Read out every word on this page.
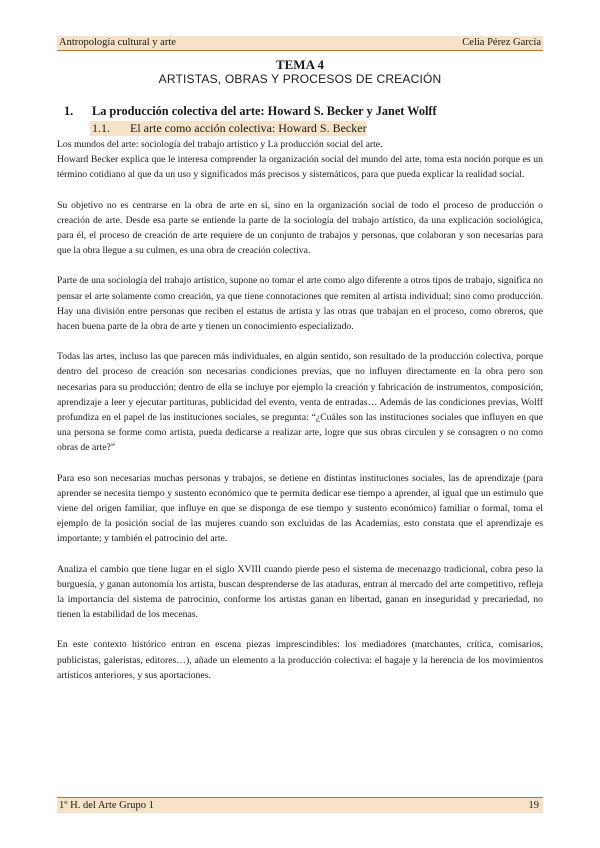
Antropología cultural y arte	Celia Pérez García
TEMA 4
ARTISTAS, OBRAS Y PROCESOS DE CREACIÓN
1. La producción colectiva del arte: Howard S. Becker y Janet Wolff
1.1. El arte como acción colectiva: Howard S. Becker

Los mundos del arte: sociología del trabajo artístico y La producción social del arte.

Howard Becker explica que le interesa comprender la organización social del mundo del arte, toma esta noción porque es un término cotidiano al que da un uso y significados más precisos y sistemáticos, para que pueda explicar la realidad social.

Su objetivo no es centrarse en la obra de arte en sí, sino en la organización social de todo el proceso de producción o creación de arte. Desde esa parte se entiende la parte de la sociología del trabajo artístico, da una explicación sociológica, para él, el proceso de creación de arte requiere de un conjunto de trabajos y personas, que colaboran y son necesarias para que la obra llegue a su culmen, es una obra de creación colectiva.

Parte de una sociología del trabajo artístico, supone no tomar el arte como algo diferente a otros tipos de trabajo, significa no pensar el arte solamente como creación, ya que tiene connotaciones que remiten al artista individual; sino como producción. Hay una división entre personas que reciben el estatus de artista y las otras que trabajan en el proceso, como obreros, que hacen buena parte de la obra de arte y tienen un conocimiento especializado.

Todas las artes, incluso las que parecen más individuales, en algún sentido, son resultado de la producción colectiva, porque dentro del proceso de creación son necesarias condiciones previas, que no influyen directamente en la obra pero son necesarias para su producción; dentro de ella se incluye por ejemplo la creación y fabricación de instrumentos, composición, aprendizaje a leer y ejecutar partituras, publicidad del evento, venta de entradas… Además de las condiciones previas, Wolff profundiza en el papel de las instituciones sociales, se pregunta: “¿Cuáles son las instituciones sociales que influyen en que una persona se forme como artista, pueda dedicarse a realizar arte, logre que sus obras circulen y se consagren o no como obras de arte?”

Para eso son necesarias muchas personas y trabajos, se detiene en distintas instituciones sociales, las de aprendizaje (para aprender se necesita tiempo y sustento económico que te permita dedicar ese tiempo a aprender, al igual que un estímulo que viene del origen familiar, que influye en que se disponga de ese tiempo y sustento económico) familiar o formal, toma el ejemplo de la posición social de las mujeres cuando son excluidas de las Academias, esto constata que el aprendizaje es importante; y también el patrocinio del arte.

Analiza el cambio que tiene lugar en el siglo XVIII cuando pierde peso el sistema de mecenazgo tradicional, cobra peso la burguesía, y ganan autonomía los artista, buscan desprenderse de las ataduras, entran al mercado del arte competitivo, refleja la importancia del sistema de patrocinio, conforme los artistas ganan en libertad, ganan en inseguridad y precariedad, no tienen la estabilidad de los mecenas.

En este contexto histórico entran en escena piezas imprescindibles: los mediadores (marchantes, crítica, comisarios, publicistas, galeristas, editores…), añade un elemento a la producción colectiva: el bagaje y la herencia de los movimientos artísticos anteriores, y sus aportaciones.

1º H. del Arte Grupo 1	19
